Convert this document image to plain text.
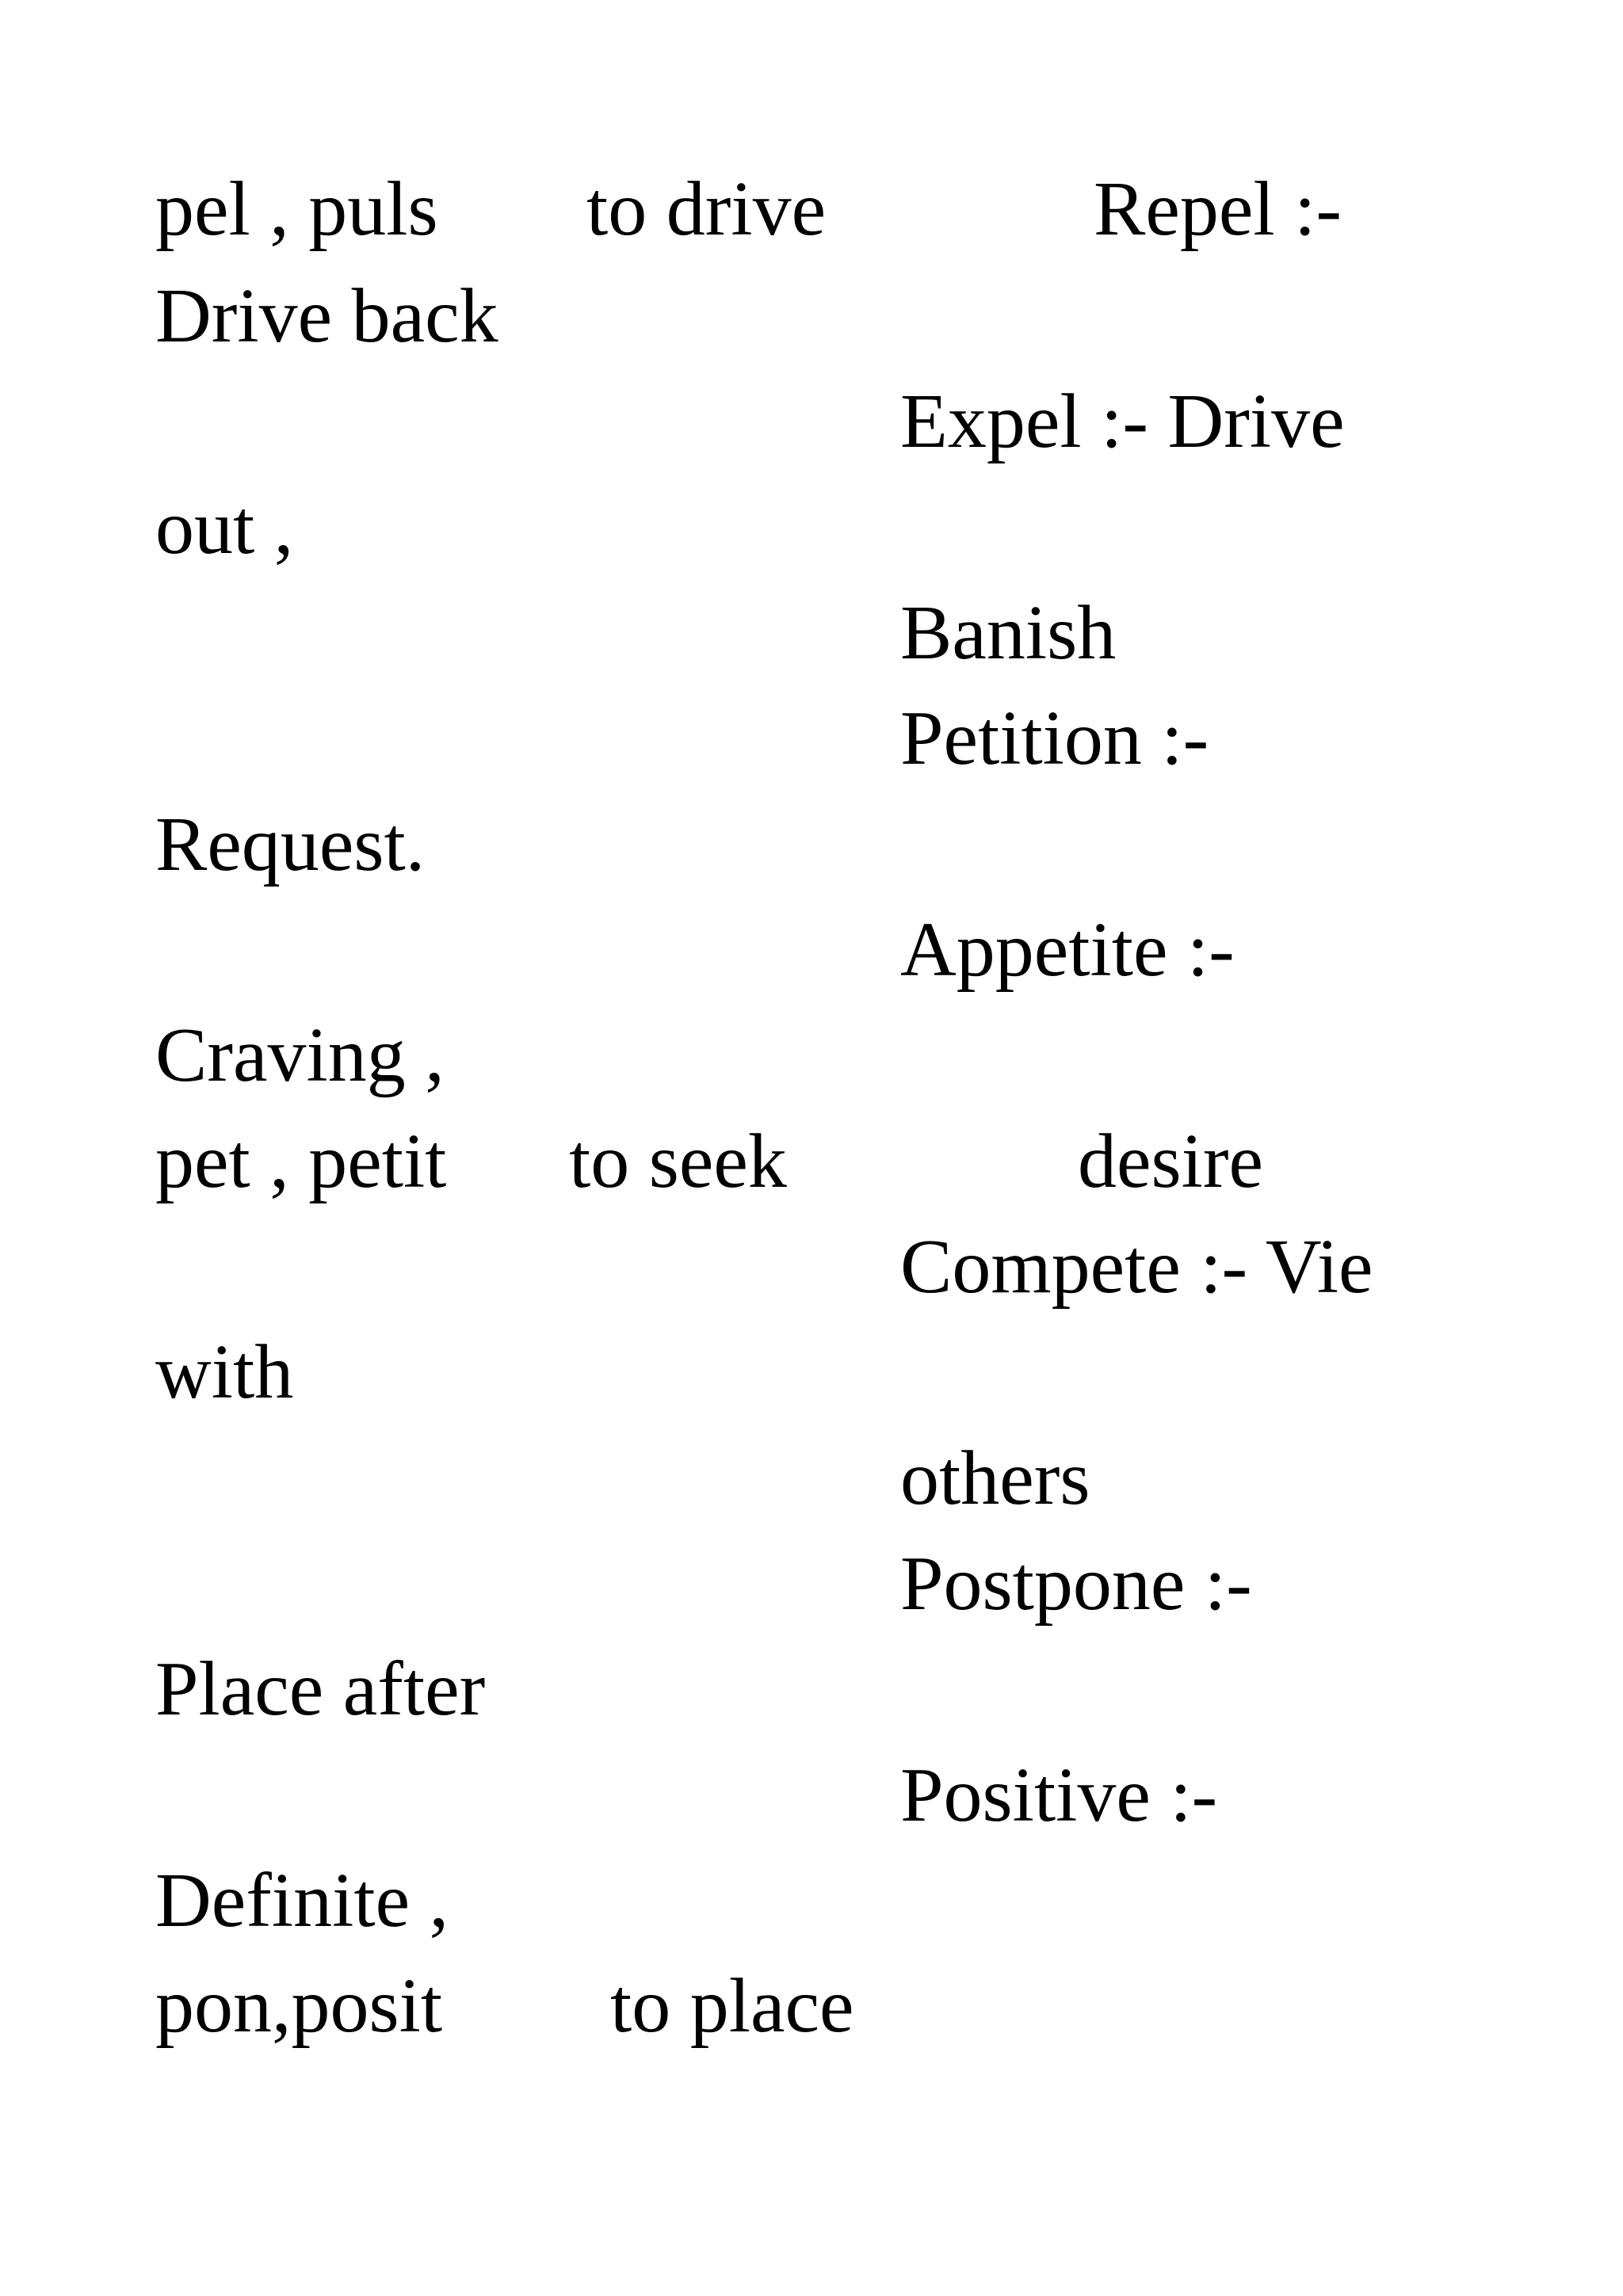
pel , puls to drive	Repel :-
Drive back
Expel :- Drive
out ,
Banish
Petition :-
Request.
Appetite :-
Craving ,
pet , petit to seek	desire
Compete :- Vie
with
others
Postpone :-
Place after
Positive :-
Definite ,
pon,posit to place
